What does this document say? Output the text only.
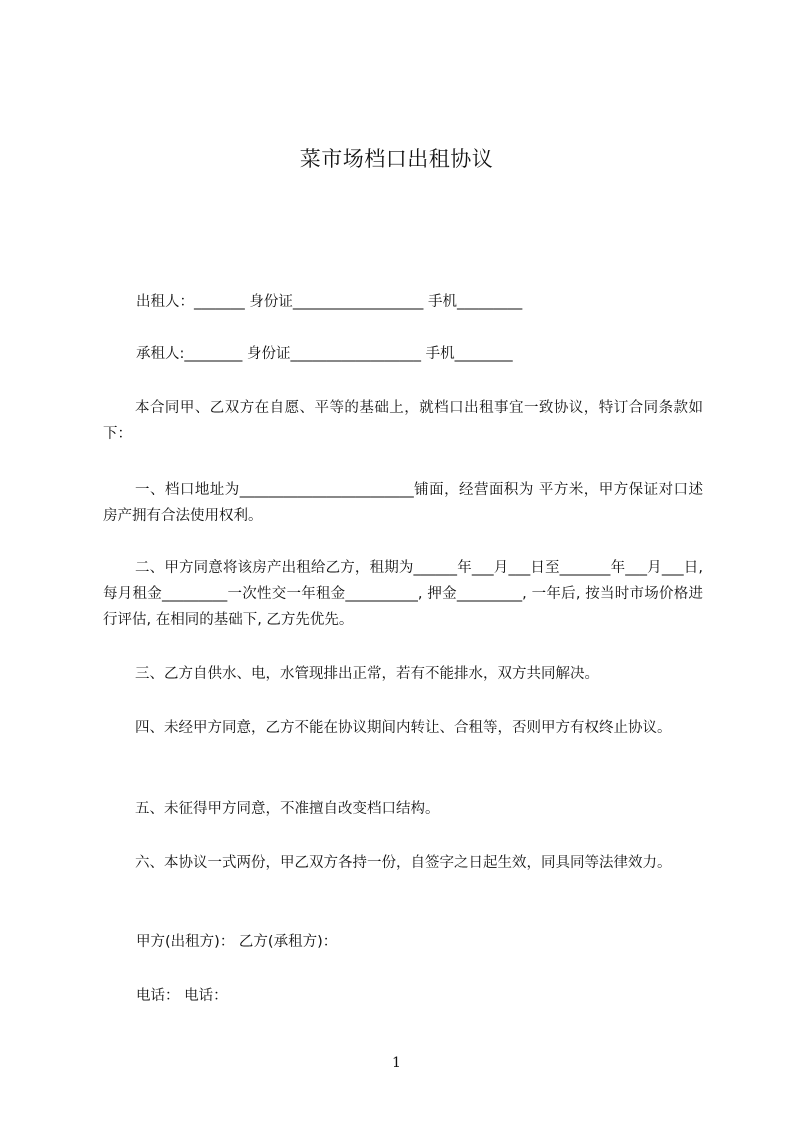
菜市场档口出租协议

出租人：_______ 身份证__________________ 手机_________

承租人:________ 身份证__________________ 手机________

本合同甲、乙双方在自愿、平等的基础上，就档口出租事宜一致协议，特订合同条款如下：

一、档口地址为________________________铺面，经营面积为 平方米，甲方保证对口述房产拥有合法使用权利。

二、甲方同意将该房产出租给乙方，租期为______年___月___日至_______年___月___日, 每月租金_________一次性交一年租金__________, 押金_________, 一年后, 按当时市场价格进行评估, 在相同的基础下, 乙方先优先。

三、乙方自供水、电，水管现排出正常，若有不能排水，双方共同解决。

四、未经甲方同意，乙方不能在协议期间内转让、合租等，否则甲方有权终止协议。

五、未征得甲方同意，不准擅自改变档口结构。

六、本协议一式两份，甲乙双方各持一份，自签字之日起生效，同具同等法律效力。

甲方(出租方)： 乙方(承租方)：

电话： 电话：

1
